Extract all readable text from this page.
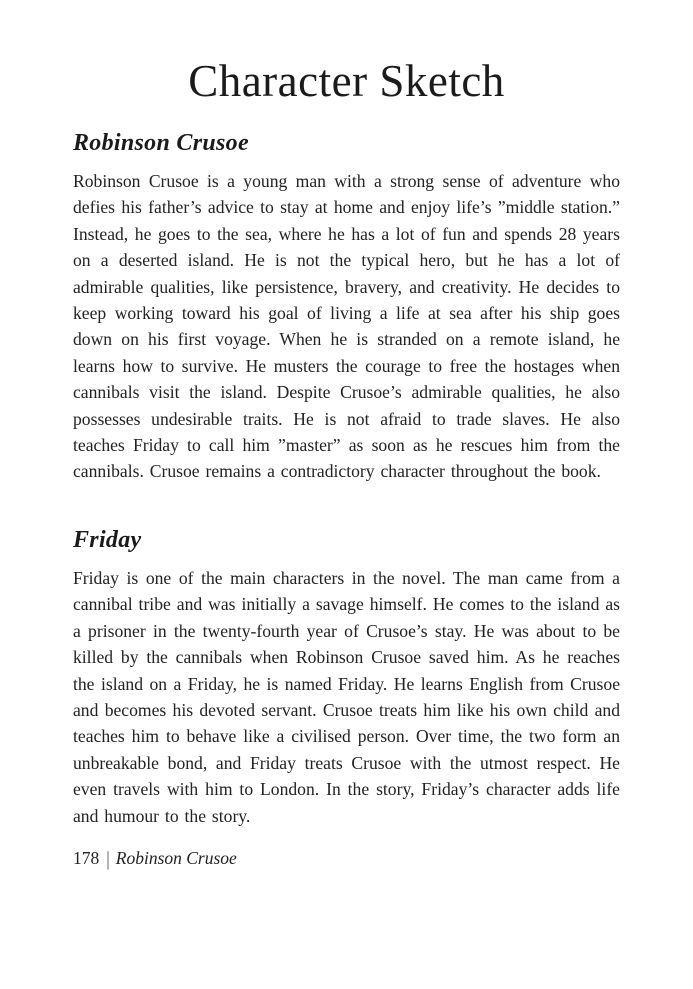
Character Sketch
Robinson Crusoe

Robinson Crusoe is a young man with a strong sense of adventure who defies his father’s advice to stay at home and enjoy life’s ”middle station.” Instead, he goes to the sea, where he has a lot of fun and spends 28 years on a deserted island. He is not the typical hero, but he has a lot of admirable qualities, like persistence, bravery, and creativity. He decides to keep working toward his goal of living a life at sea after his ship goes down on his first voyage. When he is stranded on a remote island, he learns how to survive. He musters the courage to free the hostages when cannibals visit the island. Despite Crusoe’s admirable qualities, he also possesses undesirable traits. He is not afraid to trade slaves. He also teaches Friday to call him ”master” as soon as he rescues him from the cannibals. Crusoe remains a contradictory character throughout the book.

Friday

Friday is one of the main characters in the novel. The man came from a cannibal tribe and was initially a savage himself. He comes to the island as a prisoner in the twenty-fourth year of Crusoe’s stay. He was about to be killed by the cannibals when Robinson Crusoe saved him. As he reaches the island on a Friday, he is named Friday. He learns English from Crusoe and becomes his devoted servant. Crusoe treats him like his own child and teaches him to behave like a civilised person. Over time, the two form an unbreakable bond, and Friday treats Crusoe with the utmost respect. He even travels with him to London. In the story, Friday’s character adds life and humour to the story.

178 | Robinson Crusoe
